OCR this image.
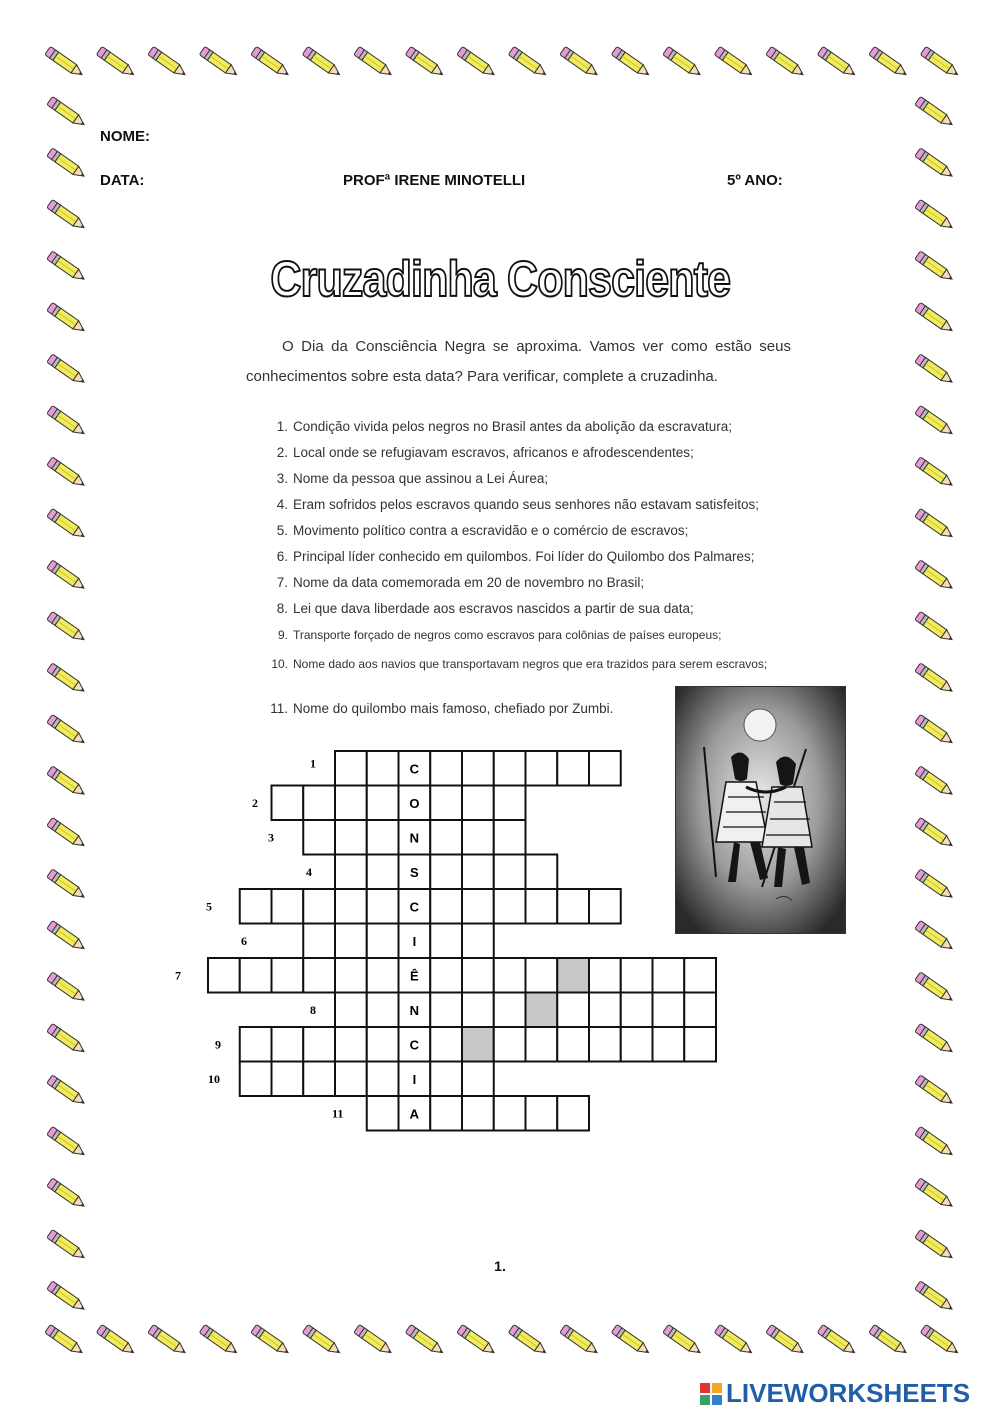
NOME:
DATA:	PROFª IRENE MINOTELLI	5º ANO:
Cruzadinha Consciente
O Dia da Consciência Negra se aproxima. Vamos ver como estão seus conhecimentos sobre esta data? Para verificar, complete a cruzadinha.
1. Condição vivida pelos negros no Brasil antes da abolição da escravatura;
2. Local onde se refugiavam escravos, africanos e afrodescendentes;
3. Nome da pessoa que assinou a Lei Áurea;
4. Eram sofridos pelos escravos quando seus senhores não estavam satisfeitos;
5. Movimento político contra a escravidão e o comércio de escravos;
6. Principal líder conhecido em quilombos. Foi líder do Quilombo dos Palmares;
7. Nome da data comemorada em 20 de novembro no Brasil;
8. Lei que dava liberdade aos escravos nascidos a partir de sua data;
9. Transporte forçado de negros como escravos para colônias de países europeus;
10. Nome dado aos navios que transportavam negros que era trazidos para serem escravos;
11. Nome do quilombo mais famoso, chefiado por Zumbi.
C
1
O
2
N
3
S
4
C
5
I
6
Ê
7
N
8
C
9
I
10
A
11
1.
LIVEWORKSHEETS
